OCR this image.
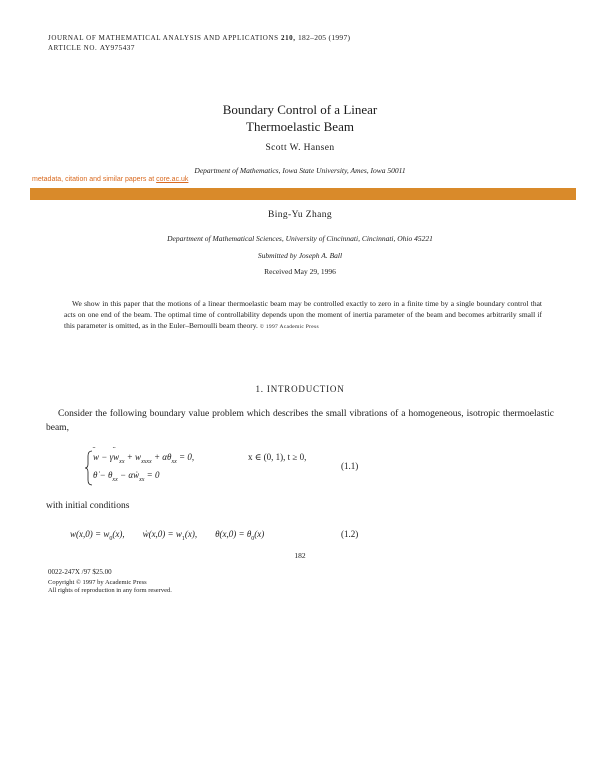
JOURNAL OF MATHEMATICAL ANALYSIS AND APPLICATIONS 210, 182–205 (1997)
ARTICLE NO. AY975437
Boundary Control of a Linear
Thermoelastic Beam
Scott W. Hansen
Department of Mathematics, Iowa State University, Ames, Iowa 50011
metadata, citation and similar papers at core.ac.uk
Bing-Yu Zhang
Department of Mathematical Sciences, University of Cincinnati, Cincinnati, Ohio 45221
Submitted by Joseph A. Ball
Received May 29, 1996

We show in this paper that the motions of a linear thermoelastic beam may be controlled exactly to zero in a finite time by a single boundary control that acts on one end of the beam. The optimal time of controllability depends upon the moment of inertia parameter of the beam and becomes arbitrarily small if this parameter is omitted, as in the Euler–Bernoulli beam theory. © 1997 Academic Press

1. INTRODUCTION

Consider the following boundary value problem which describes the small vibrations of a homogeneous, isotropic thermoelastic beam,

w
− γw
$_{xx} + w_{xxxx} + \alpha\theta_{xx} = 0$,	x ∈ (0, 1), t ≥ 0,
θ̇ − $\theta_{xx}$ − αẇ$_{xx}$ = 0
(1.1)

with initial conditions

$w(x,0) = w_0(x)$,        ẇ(x,0) = $w_1(x)$,        $\theta(x,0) = \theta_0(x)$	(1.2)
182
0022-247X /97 $25.00
Copyright © 1997 by Academic Press
All rights of reproduction in any form reserved.
